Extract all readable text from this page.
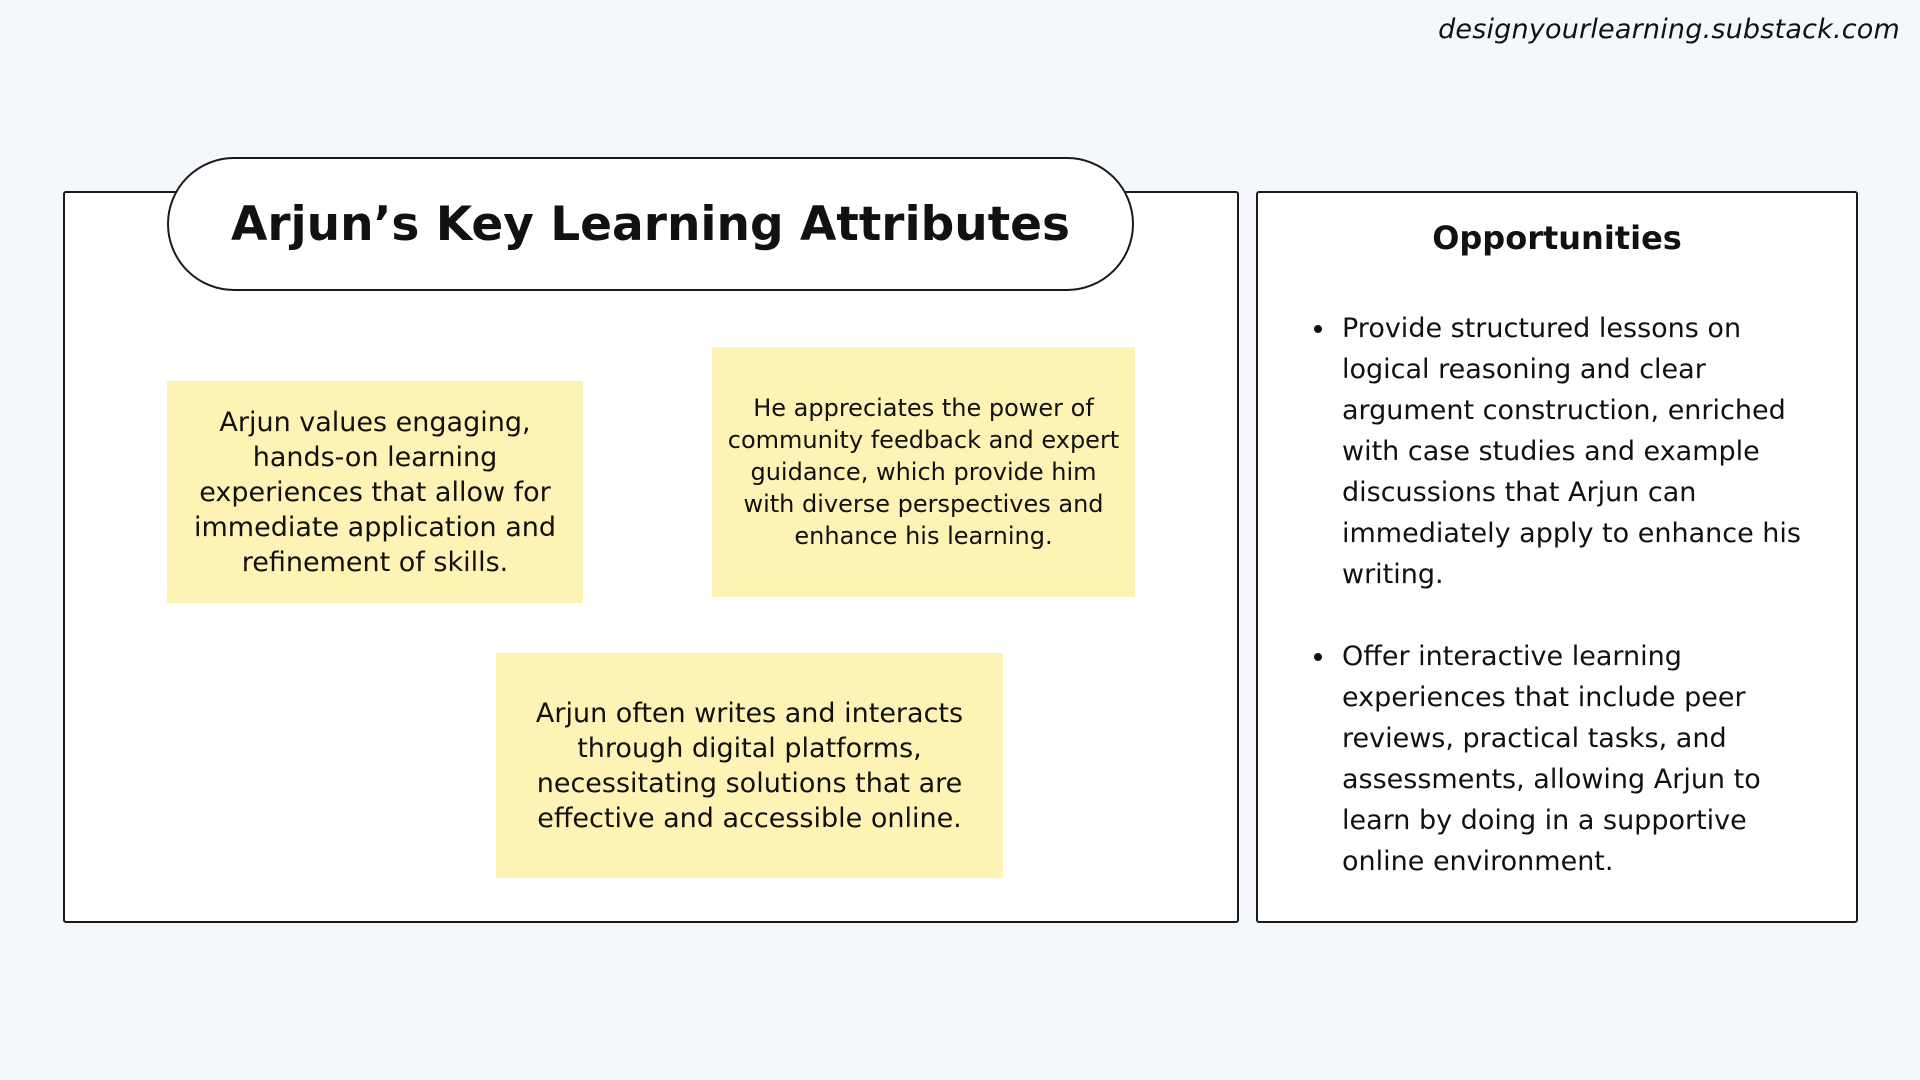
designyourlearning.substack.com
Arjun’s Key Learning Attributes
Arjun values engaging, hands-on learning experiences that allow for immediate application and refinement of skills.
He appreciates the power of community feedback and expert guidance, which provide him with diverse perspectives and enhance his learning.
Arjun often writes and interacts through digital platforms, necessitating solutions that are effective and accessible online.
Opportunities
Provide structured lessons on logical reasoning and clear argument construction, enriched with case studies and example discussions that Arjun can immediately apply to enhance his writing.
Offer interactive learning experiences that include peer reviews, practical tasks, and assessments, allowing Arjun to learn by doing in a supportive online environment.
